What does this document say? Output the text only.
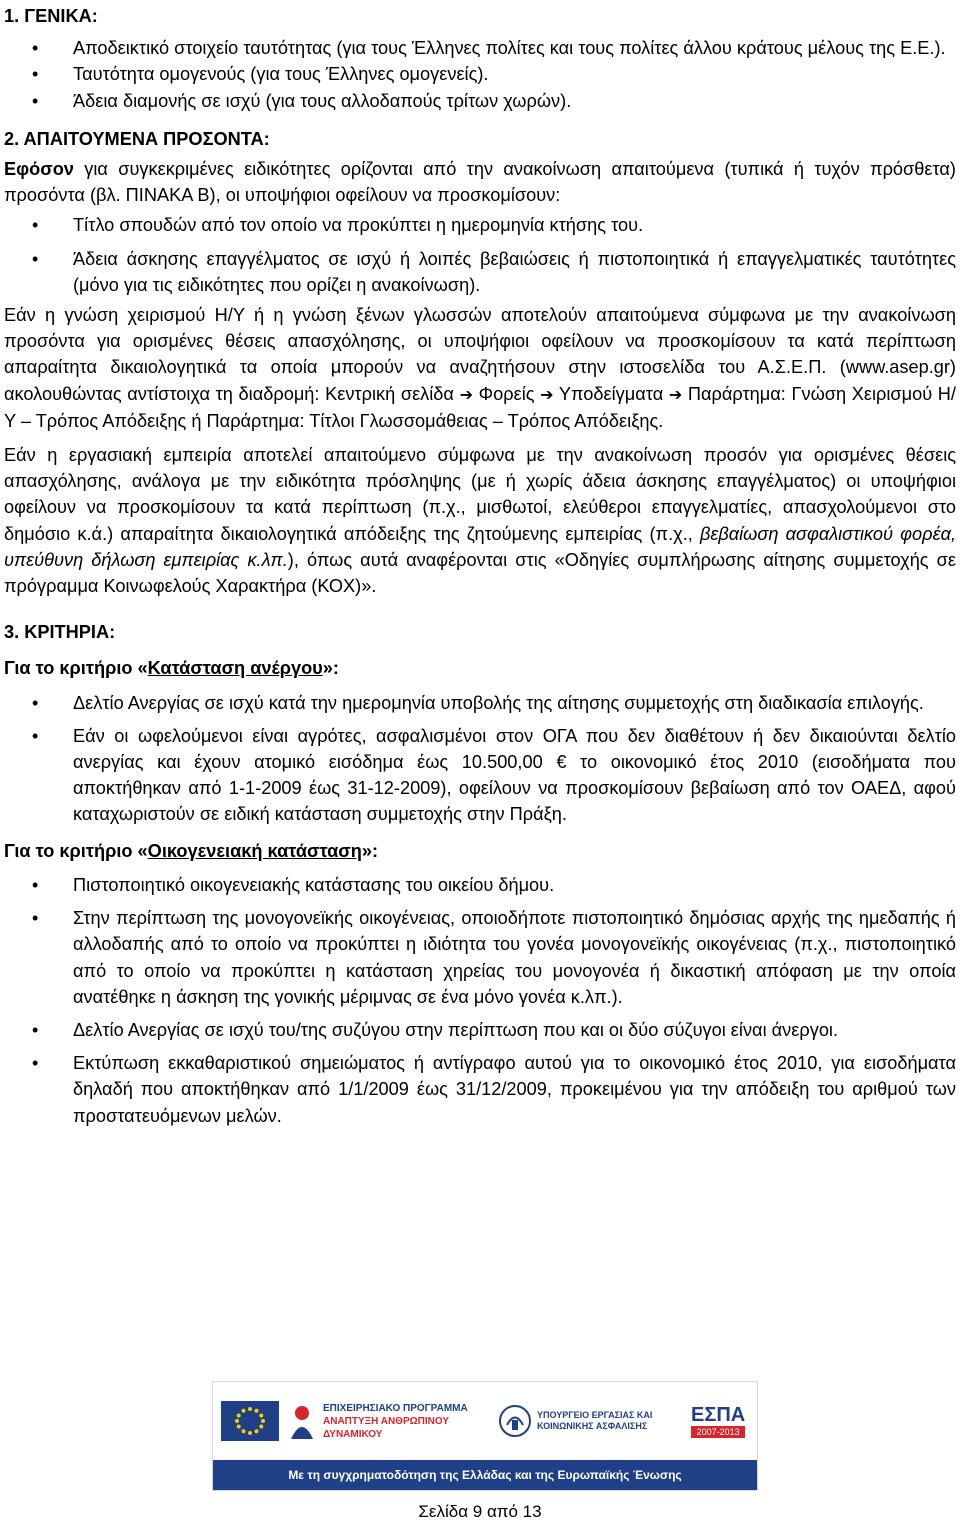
1. ΓΕΝΙΚΑ:

• Αποδεικτικό στοιχείο ταυτότητας (για τους Έλληνες πολίτες και τους πολίτες άλλου κράτους μέλους της Ε.Ε.).
• Ταυτότητα ομογενούς (για τους Έλληνες ομογενείς).
• Άδεια διαμονής σε ισχύ (για τους αλλοδαπούς τρίτων χωρών).

2. ΑΠΑΙΤΟΥΜΕΝΑ ΠΡΟΣΟΝΤΑ:

Εφόσον για συγκεκριμένες ειδικότητες ορίζονται από την ανακοίνωση απαιτούμενα (τυπικά ή τυχόν πρόσθετα) προσόντα (βλ. ΠΙΝΑΚΑ Β), οι υποψήφιοι οφείλουν να προσκομίσουν:

• Τίτλο σπουδών από τον οποίο να προκύπτει η ημερομηνία κτήσης του.
• Άδεια άσκησης επαγγέλματος σε ισχύ ή λοιπές βεβαιώσεις ή πιστοποιητικά ή επαγγελματικές ταυτότητες (μόνο για τις ειδικότητες που ορίζει η ανακοίνωση).

Εάν η γνώση χειρισμού Η/Υ ή η γνώση ξένων γλωσσών αποτελούν απαιτούμενα σύμφωνα με την ανακοίνωση προσόντα για ορισμένες θέσεις απασχόλησης, οι υποψήφιοι οφείλουν να προσκομίσουν τα κατά περίπτωση απαραίτητα δικαιολογητικά τα οποία μπορούν να αναζητήσουν στην ιστοσελίδα του Α.Σ.Ε.Π. (www.asep.gr) ακολουθώντας αντίστοιχα τη διαδρομή: Κεντρική σελίδα ➔ Φορείς ➔ Υποδείγματα ➔ Παράρτημα: Γνώση Χειρισμού Η/Υ – Τρόπος Απόδειξης ή Παράρτημα: Τίτλοι Γλωσσομάθειας – Τρόπος Απόδειξης.

Εάν η εργασιακή εμπειρία αποτελεί απαιτούμενο σύμφωνα με την ανακοίνωση προσόν για ορισμένες θέσεις απασχόλησης, ανάλογα με την ειδικότητα πρόσληψης (με ή χωρίς άδεια άσκησης επαγγέλματος) οι υποψήφιοι οφείλουν να προσκομίσουν τα κατά περίπτωση (π.χ., μισθωτοί, ελεύθεροι επαγγελματίες, απασχολούμενοι στο δημόσιο κ.ά.) απαραίτητα δικαιολογητικά απόδειξης της ζητούμενης εμπειρίας (π.χ., βεβαίωση ασφαλιστικού φορέα, υπεύθυνη δήλωση εμπειρίας κ.λπ.), όπως αυτά αναφέρονται στις «Οδηγίες συμπλήρωσης αίτησης συμμετοχής σε πρόγραμμα Κοινωφελούς Χαρακτήρα (ΚΟΧ)».

3. ΚΡΙΤΗΡΙΑ:

Για το κριτήριο «Κατάσταση ανέργου»:

• Δελτίο Ανεργίας σε ισχύ κατά την ημερομηνία υποβολής της αίτησης συμμετοχής στη διαδικασία επιλογής.
• Εάν οι ωφελούμενοι είναι αγρότες, ασφαλισμένοι στον ΟΓΑ που δεν διαθέτουν ή δεν δικαιούνται δελτίο ανεργίας και έχουν ατομικό εισόδημα έως 10.500,00 € το οικονομικό έτος 2010 (εισοδήματα που αποκτήθηκαν από 1-1-2009 έως 31-12-2009), οφείλουν να προσκομίσουν βεβαίωση από τον ΟΑΕΔ, αφού καταχωριστούν σε ειδική κατάσταση συμμετοχής στην Πράξη.

Για το κριτήριο «Οικογενειακή κατάσταση»:

• Πιστοποιητικό οικογενειακής κατάστασης του οικείου δήμου.
• Στην περίπτωση της μονογονεϊκής οικογένειας, οποιοδήποτε πιστοποιητικό δημόσιας αρχής της ημεδαπής ή αλλοδαπής από το οποίο να προκύπτει η ιδιότητα του γονέα μονογονεϊκής οικογένειας (π.χ., πιστοποιητικό από το οποίο να προκύπτει η κατάσταση χηρείας του μονογονέα ή δικαστική απόφαση με την οποία ανατέθηκε η άσκηση της γονικής μέριμνας σε ένα μόνο γονέα κ.λπ.).
• Δελτίο Ανεργίας σε ισχύ του/της συζύγου στην περίπτωση που και οι δύο σύζυγοι είναι άνεργοι.
• Εκτύπωση εκκαθαριστικού σημειώματος ή αντίγραφο αυτού για το οικονομικό έτος 2010, για εισοδήματα δηλαδή που αποκτήθηκαν από 1/1/2009 έως 31/12/2009, προκειμένου για την απόδειξη του αριθμού των προστατευόμενων μελών.
ΕΠΙΧΕΙΡΗΣΙΑΚΟ ΠΡΟΓΡΑΜΜΑ
ΑΝΑΠΤΥΞΗ ΑΝΘΡΩΠΙΝΟΥ ΔΥΝΑΜΙΚΟΥ
ΥΠΟΥΡΓΕΙΟ ΕΡΓΑΣΙΑΣ ΚΑΙ ΚΟΙΝΩΝΙΚΗΣ ΑΣΦΑΛΙΣΗΣ	ΕΣΠΑ
2007-2013
Με τη συγχρηματοδότηση της Ελλάδας και της Ευρωπαϊκής Ένωσης
Σελίδα 9 από 13
